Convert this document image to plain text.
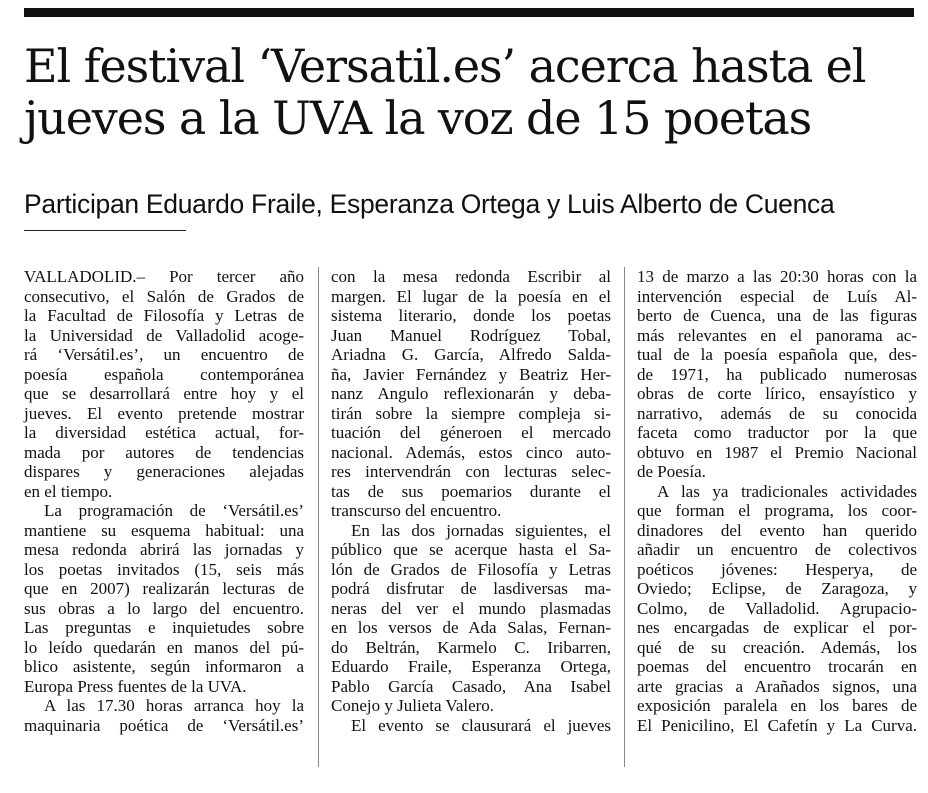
El festival ‘Versatil.es’ acerca hasta el
jueves a la UVA la voz de 15 poetas
Participan Eduardo Fraile, Esperanza Ortega y Luis Alberto de Cuenca
VALLADOLID.– Por tercer año
consecutivo, el Salón de Grados de
la Facultad de Filosofía y Letras de
la Universidad de Valladolid acoge-
rá ‘Versátil.es’, un encuentro de
poesía española contemporánea
que se desarrollará entre hoy y el
jueves. El evento pretende mostrar
la diversidad estética actual, for-
mada por autores de tendencias
dispares y generaciones alejadas
en el tiempo.
La programación de ‘Versátil.es’
mantiene su esquema habitual: una
mesa redonda abrirá las jornadas y
los poetas invitados (15, seis más
que en 2007) realizarán lecturas de
sus obras a lo largo del encuentro.
Las preguntas e inquietudes sobre
lo leído quedarán en manos del pú-
blico asistente, según informaron a
Europa Press fuentes de la UVA.
A las 17.30 horas arranca hoy la
maquinaria poética de ‘Versátil.es’
con la mesa redonda Escribir al
margen. El lugar de la poesía en el
sistema literario, donde los poetas
Juan Manuel Rodríguez Tobal,
Ariadna G. García, Alfredo Salda-
ña, Javier Fernández y Beatriz Her-
nanz Angulo reflexionarán y deba-
tirán sobre la siempre compleja si-
tuación del géneroen el mercado
nacional. Además, estos cinco auto-
res intervendrán con lecturas selec-
tas de sus poemarios durante el
transcurso del encuentro.
En las dos jornadas siguientes, el
público que se acerque hasta el Sa-
lón de Grados de Filosofía y Letras
podrá disfrutar de lasdiversas ma-
neras del ver el mundo plasmadas
en los versos de Ada Salas, Fernan-
do Beltrán, Karmelo C. Iribarren,
Eduardo Fraile, Esperanza Ortega,
Pablo García Casado, Ana Isabel
Conejo y Julieta Valero.
El evento se clausurará el jueves
13 de marzo a las 20:30 horas con la
intervención especial de Luís Al-
berto de Cuenca, una de las figuras
más relevantes en el panorama ac-
tual de la poesía española que, des-
de 1971, ha publicado numerosas
obras de corte lírico, ensayístico y
narrativo, además de su conocida
faceta como traductor por la que
obtuvo en 1987 el Premio Nacional
de Poesía.
A las ya tradicionales actividades
que forman el programa, los coor-
dinadores del evento han querido
añadir un encuentro de colectivos
poéticos jóvenes: Hesperya, de
Oviedo; Eclipse, de Zaragoza, y
Colmo, de Valladolid. Agrupacio-
nes encargadas de explicar el por-
qué de su creación. Además, los
poemas del encuentro trocarán en
arte gracias a Arañados signos, una
exposición paralela en los bares de
El Penicilino, El Cafetín y La Curva.
